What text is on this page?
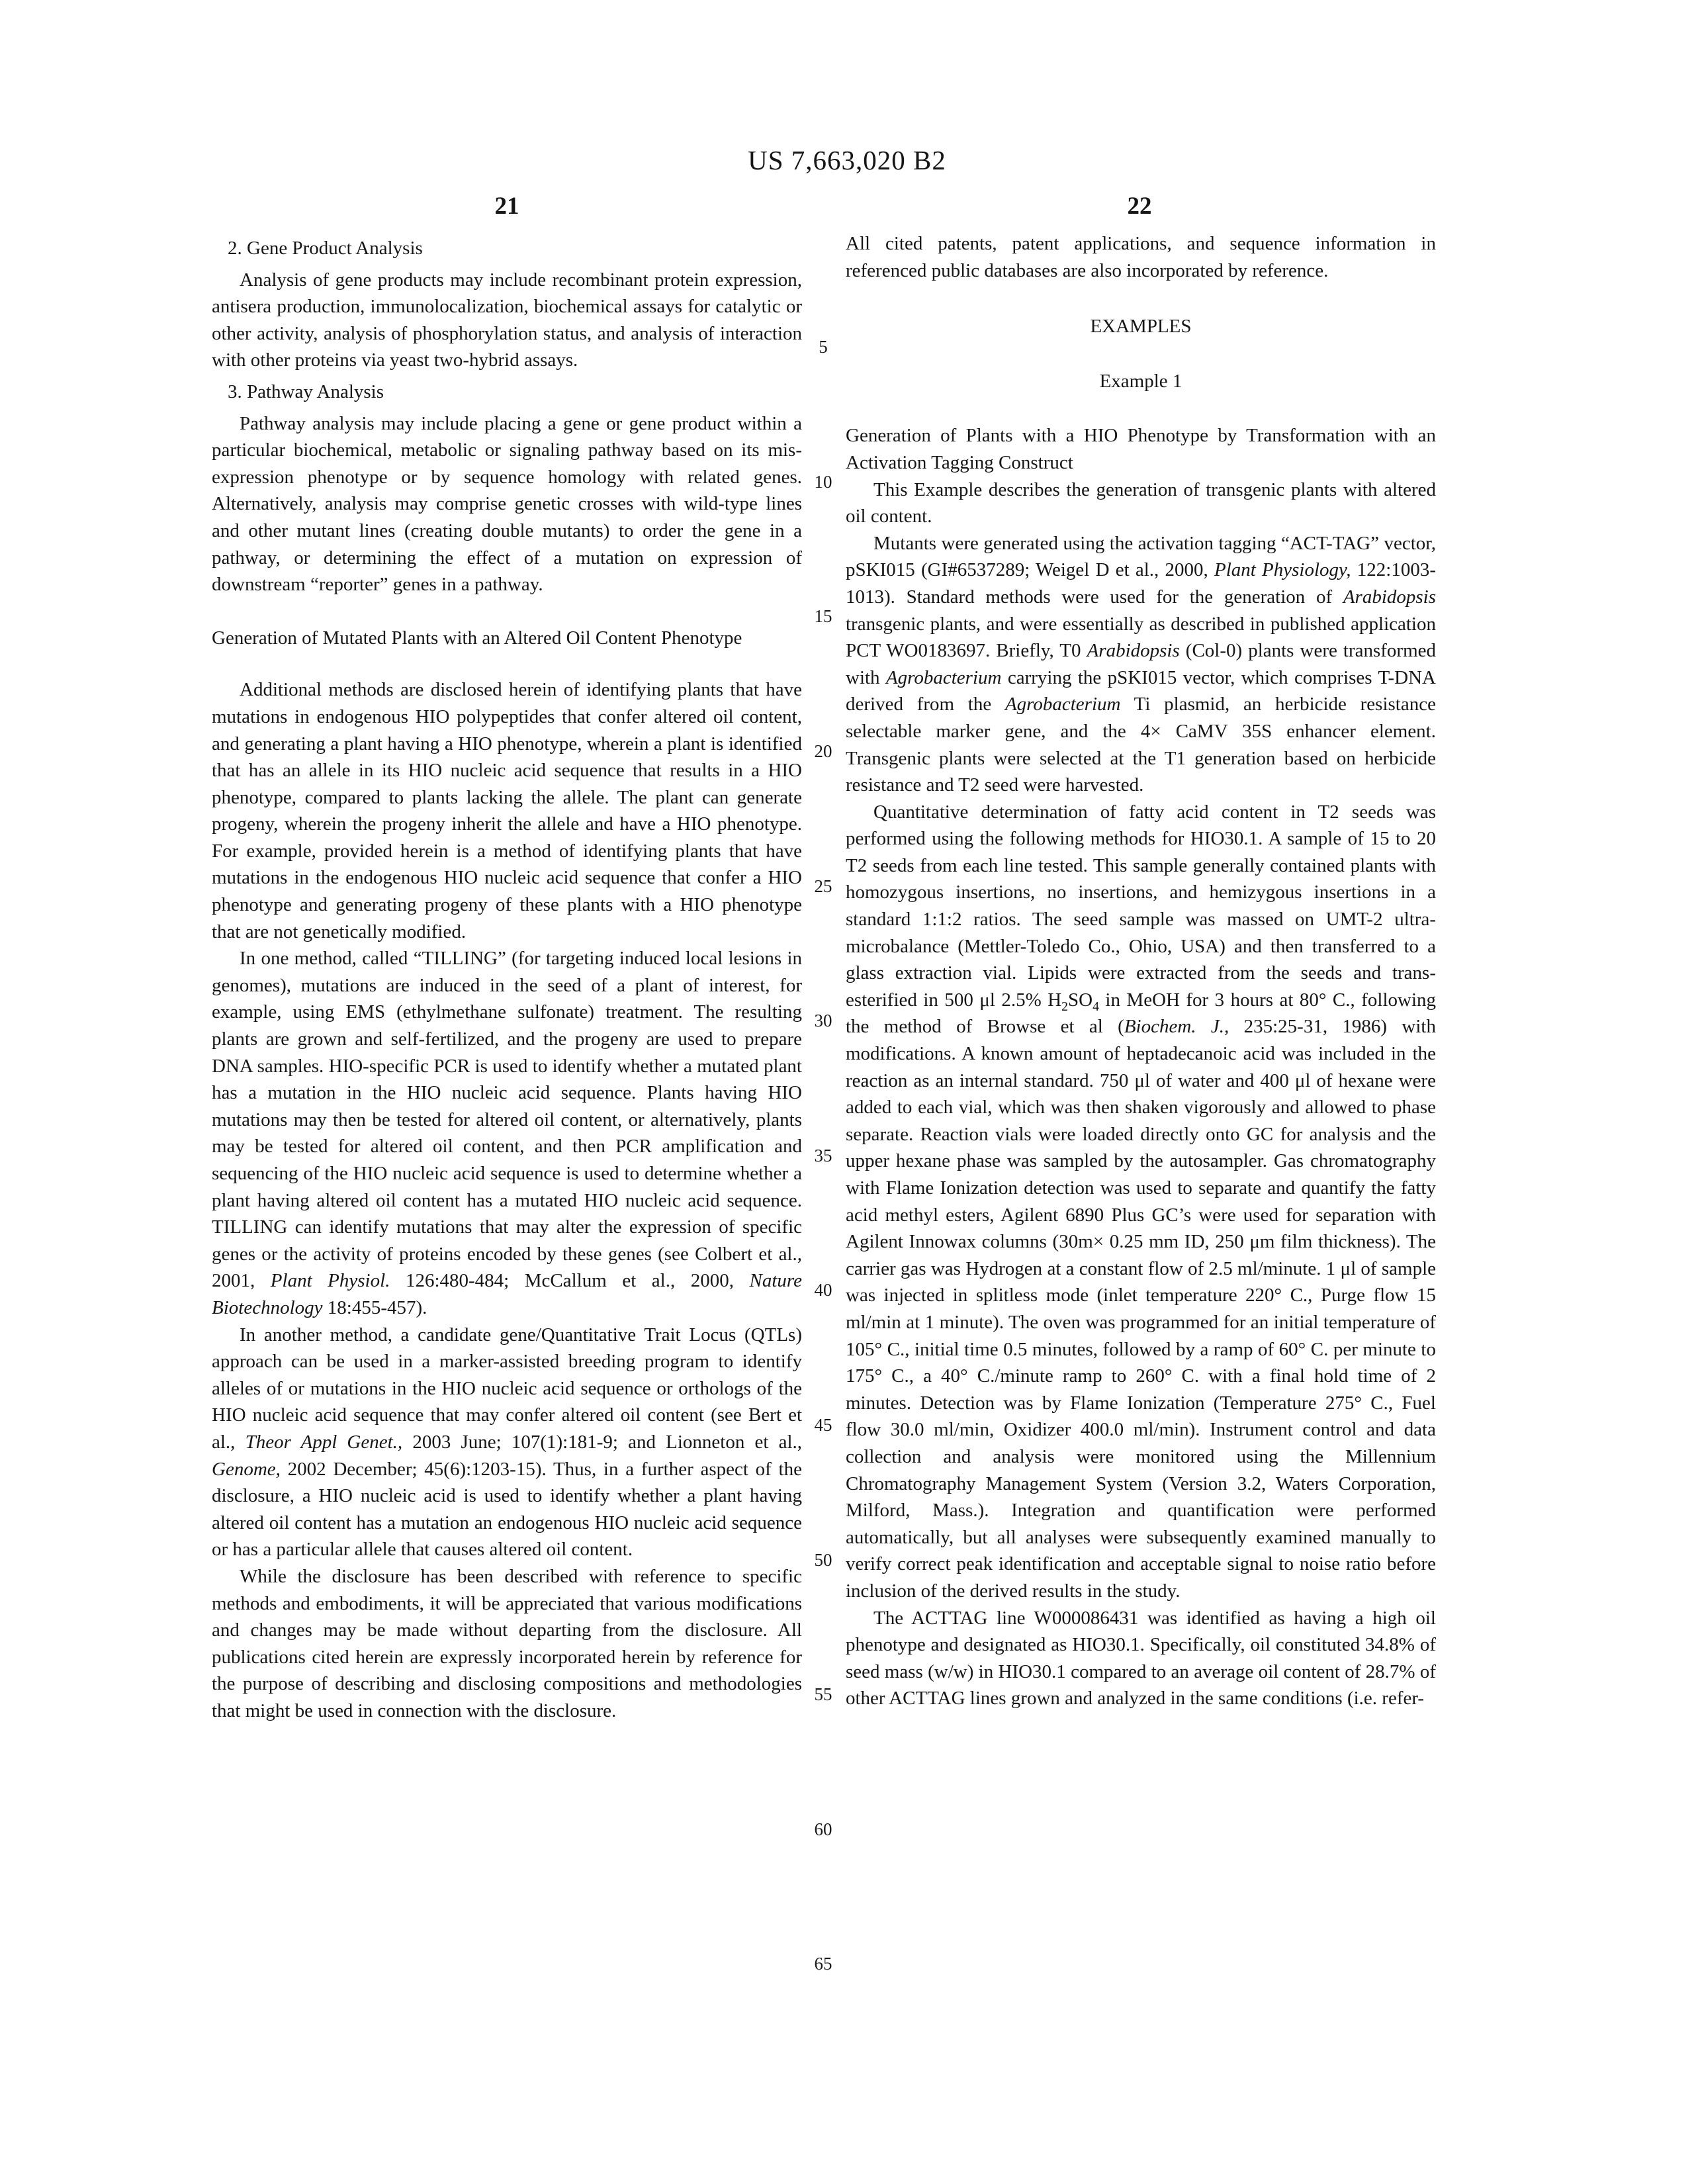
US 7,663,020 B2
21	22
5
10
15
20
25
30
35
40
45
50
55
60
65

2. Gene Product Analysis

Analysis of gene products may include recombinant protein expression, antisera production, immunolocalization, biochemical assays for catalytic or other activity, analysis of phosphorylation status, and analysis of interaction with other proteins via yeast two-hybrid assays.

3. Pathway Analysis

Pathway analysis may include placing a gene or gene product within a particular biochemical, metabolic or signaling pathway based on its mis-expression phenotype or by sequence homology with related genes. Alternatively, analysis may comprise genetic crosses with wild-type lines and other mutant lines (creating double mutants) to order the gene in a pathway, or determining the effect of a mutation on expression of downstream “reporter” genes in a pathway.

Generation of Mutated Plants with an Altered Oil Content Phenotype

Additional methods are disclosed herein of identifying plants that have mutations in endogenous HIO polypeptides that confer altered oil content, and generating a plant having a HIO phenotype, wherein a plant is identified that has an allele in its HIO nucleic acid sequence that results in a HIO phenotype, compared to plants lacking the allele. The plant can generate progeny, wherein the progeny inherit the allele and have a HIO phenotype. For example, provided herein is a method of identifying plants that have mutations in the endogenous HIO nucleic acid sequence that confer a HIO phenotype and generating progeny of these plants with a HIO phenotype that are not genetically modified.

In one method, called “TILLING” (for targeting induced local lesions in genomes), mutations are induced in the seed of a plant of interest, for example, using EMS (ethylmethane sulfonate) treatment. The resulting plants are grown and self-fertilized, and the progeny are used to prepare DNA samples. HIO-specific PCR is used to identify whether a mutated plant has a mutation in the HIO nucleic acid sequence. Plants having HIO mutations may then be tested for altered oil content, or alternatively, plants may be tested for altered oil content, and then PCR amplification and sequencing of the HIO nucleic acid sequence is used to determine whether a plant having altered oil content has a mutated HIO nucleic acid sequence. TILLING can identify mutations that may alter the expression of specific genes or the activity of proteins encoded by these genes (see Colbert et al., 2001, Plant Physiol. 126:480-484; McCallum et al., 2000, Nature Biotechnology 18:455-457).

In another method, a candidate gene/Quantitative Trait Locus (QTLs) approach can be used in a marker-assisted breeding program to identify alleles of or mutations in the HIO nucleic acid sequence or orthologs of the HIO nucleic acid sequence that may confer altered oil content (see Bert et al., Theor Appl Genet., 2003 June; 107(1):181-9; and Lionneton et al., Genome, 2002 December; 45(6):1203-15). Thus, in a further aspect of the disclosure, a HIO nucleic acid is used to identify whether a plant having altered oil content has a mutation an endogenous HIO nucleic acid sequence or has a particular allele that causes altered oil content.

While the disclosure has been described with reference to specific methods and embodiments, it will be appreciated that various modifications and changes may be made without departing from the disclosure. All publications cited herein are expressly incorporated herein by reference for the purpose of describing and disclosing compositions and methodologies that might be used in connection with the disclosure.

All cited patents, patent applications, and sequence information in referenced public databases are also incorporated by reference.

EXAMPLES

Example 1

Generation of Plants with a HIO Phenotype by Transformation with an Activation Tagging Construct

This Example describes the generation of transgenic plants with altered oil content.

Mutants were generated using the activation tagging “ACT-TAG” vector, pSKI015 (GI#6537289; Weigel D et al., 2000, Plant Physiology, 122:1003-1013). Standard methods were used for the generation of Arabidopsis transgenic plants, and were essentially as described in published application PCT WO0183697. Briefly, T0 Arabidopsis (Col-0) plants were transformed with Agrobacterium carrying the pSKI015 vector, which comprises T-DNA derived from the Agrobacterium Ti plasmid, an herbicide resistance selectable marker gene, and the 4× CaMV 35S enhancer element. Transgenic plants were selected at the T1 generation based on herbicide resistance and T2 seed were harvested.

Quantitative determination of fatty acid content in T2 seeds was performed using the following methods for HIO30.1. A sample of 15 to 20 T2 seeds from each line tested. This sample generally contained plants with homozygous insertions, no insertions, and hemizygous insertions in a standard 1:1:2 ratios. The seed sample was massed on UMT-2 ultra-microbalance (Mettler-Toledo Co., Ohio, USA) and then transferred to a glass extraction vial. Lipids were extracted from the seeds and trans-esterified in 500 μl 2.5% $H_2SO_4$ in MeOH for 3 hours at 80° C., following the method of Browse et al (Biochem. J., 235:25-31, 1986) with modifications. A known amount of heptadecanoic acid was included in the reaction as an internal standard. 750 μl of water and 400 μl of hexane were added to each vial, which was then shaken vigorously and allowed to phase separate. Reaction vials were loaded directly onto GC for analysis and the upper hexane phase was sampled by the autosampler. Gas chromatography with Flame Ionization detection was used to separate and quantify the fatty acid methyl esters, Agilent 6890 Plus GC’s were used for separation with Agilent Innowax columns (30m× 0.25 mm ID, 250 μm film thickness). The carrier gas was Hydrogen at a constant flow of 2.5 ml/minute. 1 μl of sample was injected in splitless mode (inlet temperature 220° C., Purge flow 15 ml/min at 1 minute). The oven was programmed for an initial temperature of 105° C., initial time 0.5 minutes, followed by a ramp of 60° C. per minute to 175° C., a 40° C./minute ramp to 260° C. with a final hold time of 2 minutes. Detection was by Flame Ionization (Temperature 275° C., Fuel flow 30.0 ml/min, Oxidizer 400.0 ml/min). Instrument control and data collection and analysis were monitored using the Millennium Chromatography Management System (Version 3.2, Waters Corporation, Milford, Mass.). Integration and quantification were performed automatically, but all analyses were subsequently examined manually to verify correct peak identification and acceptable signal to noise ratio before inclusion of the derived results in the study.

The ACTTAG line W000086431 was identified as having a high oil phenotype and designated as HIO30.1. Specifically, oil constituted 34.8% of seed mass (w/w) in HIO30.1 compared to an average oil content of 28.7% of other ACTTAG lines grown and analyzed in the same conditions (i.e. refer-
